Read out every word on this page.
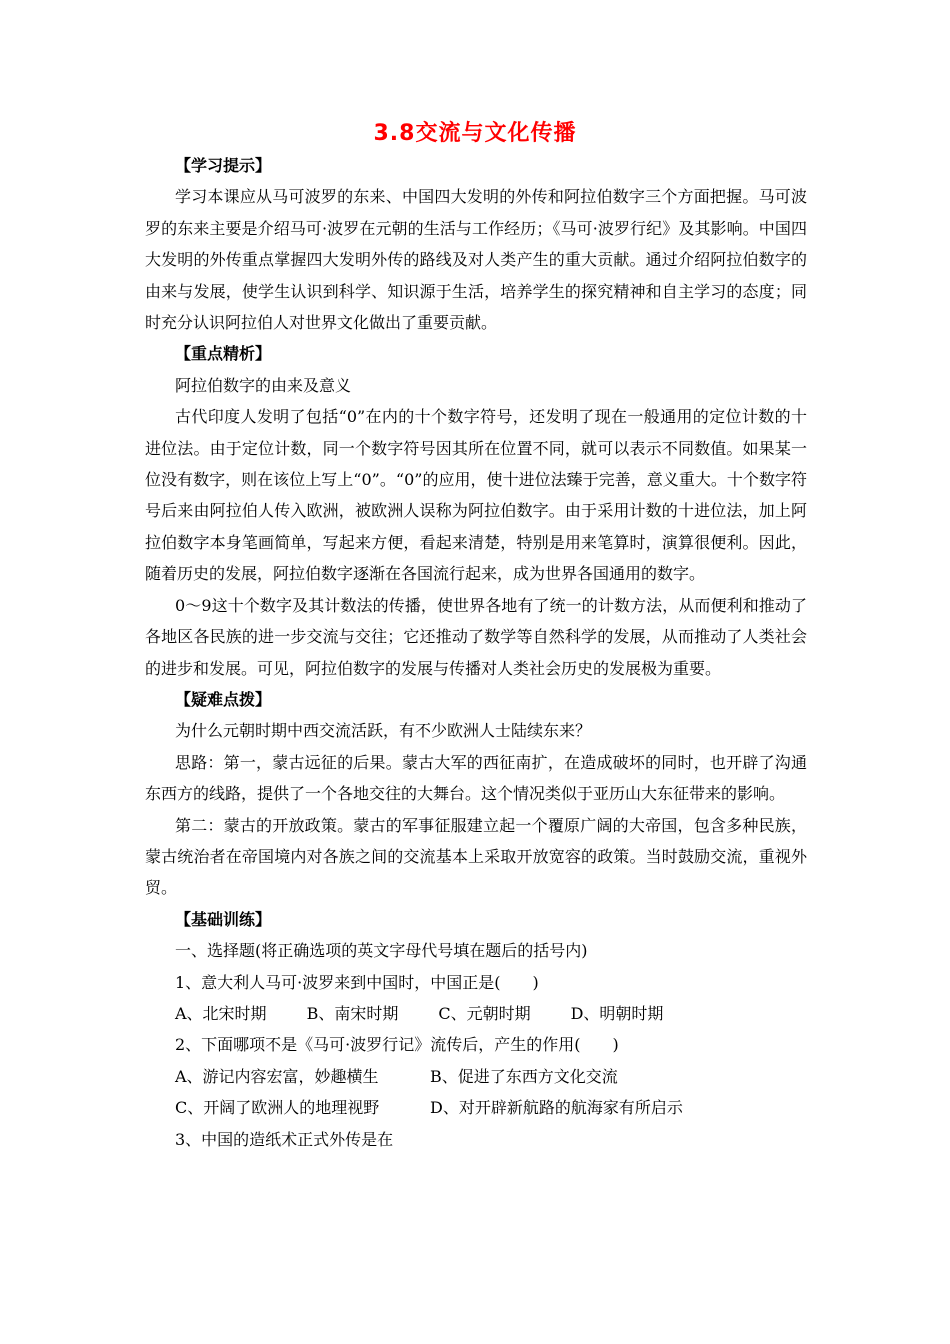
3.8交流与文化传播
【学习提示】

学习本课应从马可波罗的东来、中国四大发明的外传和阿拉伯数字三个方面把握。马可波罗的东来主要是介绍马可·波罗在元朝的生活与工作经历；《马可·波罗行纪》及其影响。中国四大发明的外传重点掌握四大发明外传的路线及对人类产生的重大贡献。通过介绍阿拉伯数字的由来与发展，使学生认识到科学、知识源于生活，培养学生的探究精神和自主学习的态度；同时充分认识阿拉伯人对世界文化做出了重要贡献。

【重点精析】
阿拉伯数字的由来及意义

古代印度人发明了包括“0”在内的十个数字符号，还发明了现在一般通用的定位计数的十进位法。由于定位计数，同一个数字符号因其所在位置不同，就可以表示不同数值。如果某一位没有数字，则在该位上写上“0”。“0”的应用，使十进位法臻于完善，意义重大。十个数字符号后来由阿拉伯人传入欧洲，被欧洲人误称为阿拉伯数字。由于采用计数的十进位法，加上阿拉伯数字本身笔画简单，写起来方便，看起来清楚，特别是用来笔算时，演算很便利。因此，随着历史的发展，阿拉伯数字逐渐在各国流行起来，成为世界各国通用的数字。

0～9这十个数字及其计数法的传播，使世界各地有了统一的计数方法，从而便利和推动了各地区各民族的进一步交流与交往；它还推动了数学等自然科学的发展，从而推动了人类社会的进步和发展。可见，阿拉伯数字的发展与传播对人类社会历史的发展极为重要。

【疑难点拨】
为什么元朝时期中西交流活跃，有不少欧洲人士陆续东来？

思路：第一，蒙古远征的后果。蒙古大军的西征南扩，在造成破坏的同时，也开辟了沟通东西方的线路，提供了一个各地交往的大舞台。这个情况类似于亚历山大东征带来的影响。

第二：蒙古的开放政策。蒙古的军事征服建立起一个覆原广阔的大帝国，包含多种民族，蒙古统治者在帝国境内对各族之间的交流基本上采取开放宽容的政策。当时鼓励交流，重视外贸。

【基础训练】
一、选择题(将正确选项的英文字母代号填在题后的括号内)
1、意大利人马可·波罗来到中国时，中国正是(　　)
A、北宋时期	B、南宋时期	C、元朝时期	D、明朝时期
2、下面哪项不是《马可·波罗行记》流传后，产生的作用(　　)
A、游记内容宏富，妙趣横生	B、促进了东西方文化交流
C、开阔了欧洲人的地理视野	D、对开辟新航路的航海家有所启示
3、中国的造纸术正式外传是在
